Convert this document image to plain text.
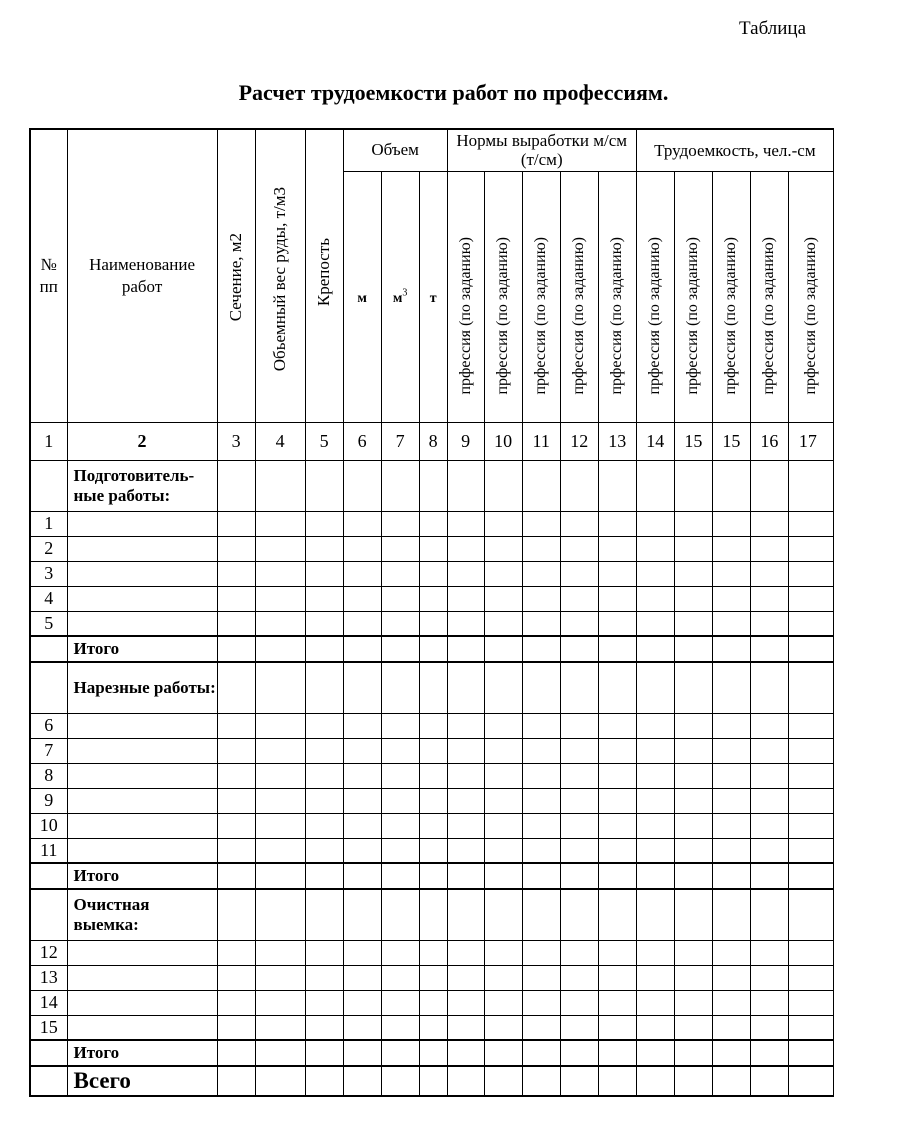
Таблица
Расчет трудоемкости работ по профессиям.
№ пп	Наименование работ	Сечение, м2	Обьемный вес руды, т/м3	Крепость	Объем			Нормы выработки м/см (т/см)					Трудоемкость, чел.-см				
					м	$м^3$	т	прфессия (по заданию)	прфессия (по заданию)	прфессия (по заданию)	прфессия (по заданию)	прфессия (по заданию)	прфессия (по заданию)	прфессия (по заданию)	прфессия (по заданию)	прфессия (по заданию)	прфессия (по заданию)
1	2	3	4	5	6	7	8	9	10	11	12	13	14	15	15	16	17
	Подготовитель-ные работы:																
1																	
2																	
3																	
4																	
5																	
	Итого																
	Нарезные работы:																
6																	
7																	
8																	
9																	
10																	
11																	
	Итого																
	Очистная выемка:																
12																	
13																	
14																	
15																	
	Итого																
	Всего																
